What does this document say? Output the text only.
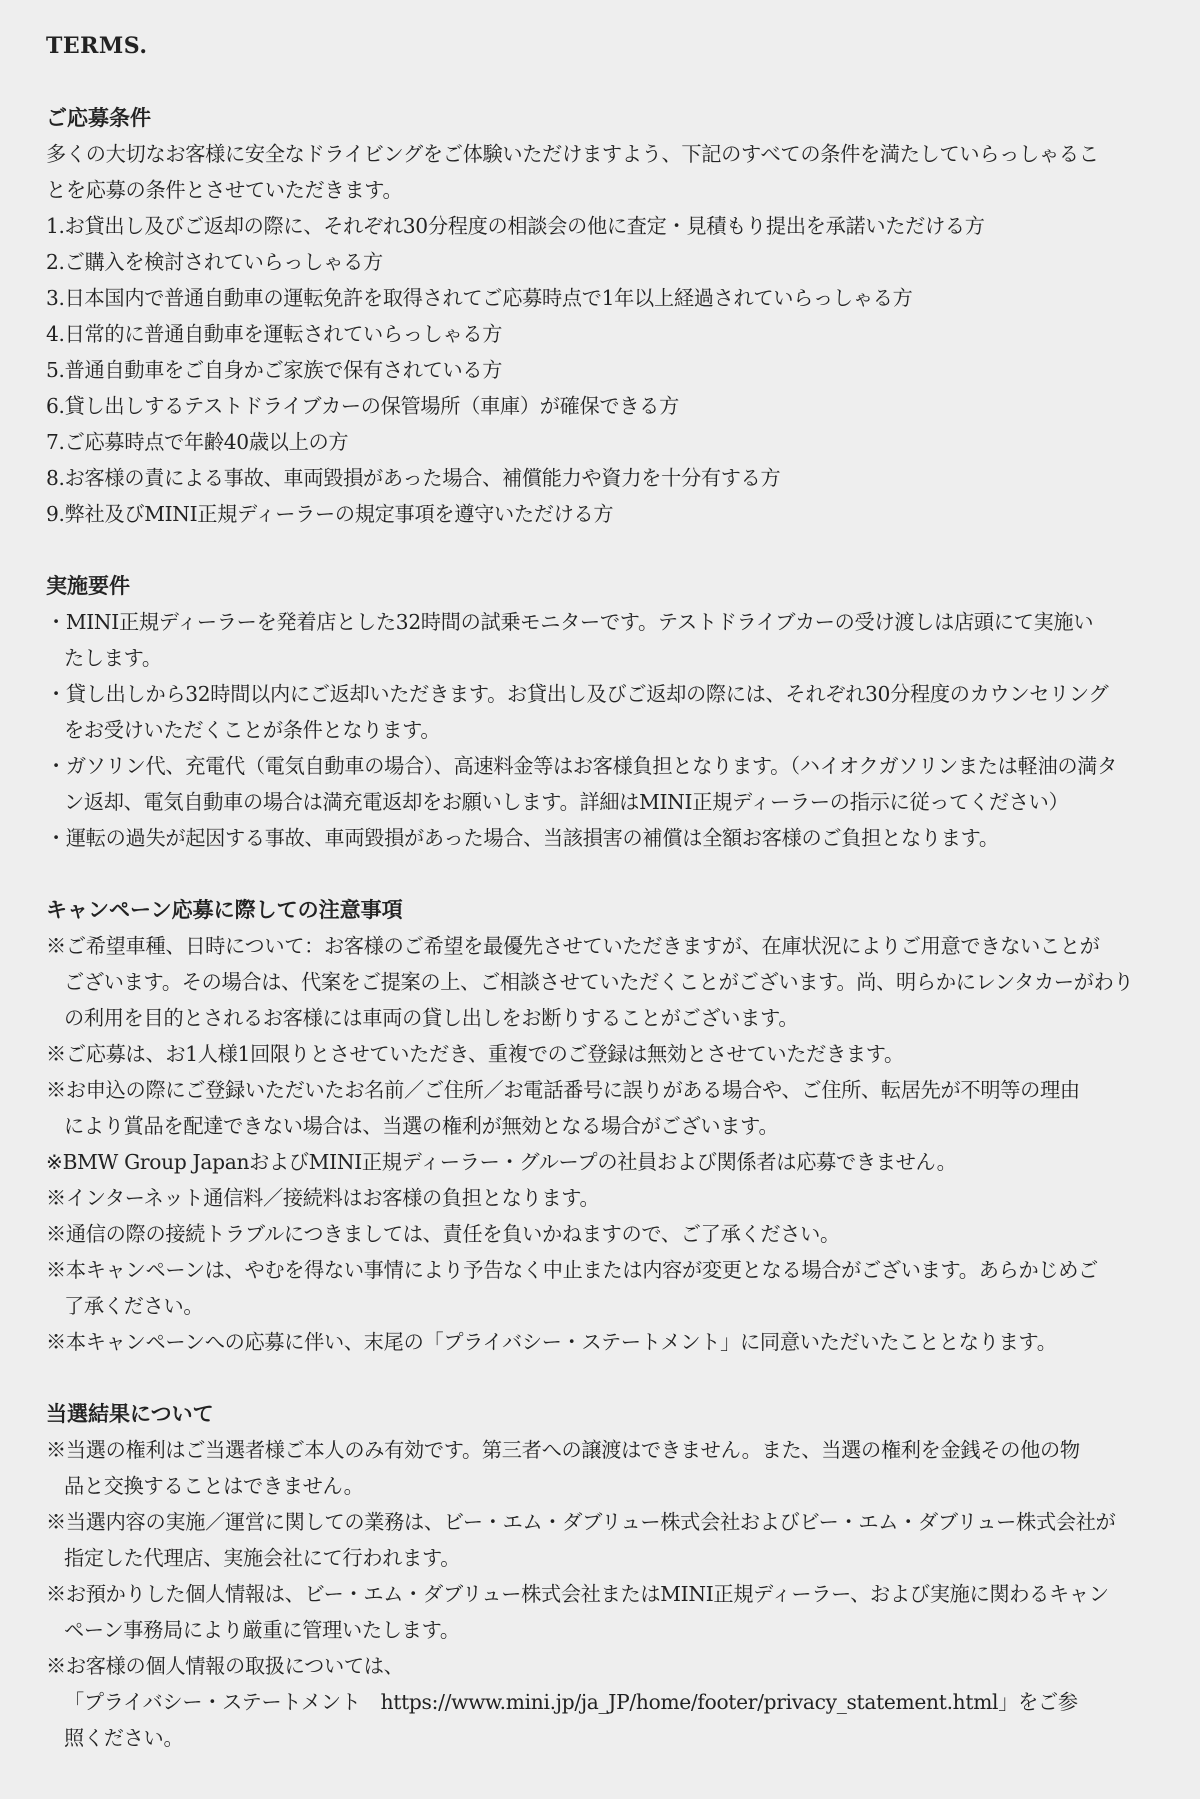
TERMS.
ご応募条件

多くの大切なお客様に安全なドライビングをご体験いただけますよう、下記のすべての条件を満たしていらっしゃるこ

とを応募の条件とさせていただきます。

1.お貸出し及びご返却の際に、それぞれ30分程度の相談会の他に査定・見積もり提出を承諾いただける方

2.ご購入を検討されていらっしゃる方

3.日本国内で普通自動車の運転免許を取得されてご応募時点で1年以上経過されていらっしゃる方

4.日常的に普通自動車を運転されていらっしゃる方

5.普通自動車をご自身かご家族で保有されている方

6.貸し出しするテストドライブカーの保管場所（車庫）が確保できる方

7.ご応募時点で年齢40歳以上の方

8.お客様の責による事故、車両毀損があった場合、補償能力や資力を十分有する方

9.弊社及びMINI正規ディーラーの規定事項を遵守いただける方

実施要件

・MINI正規ディーラーを発着店とした32時間の試乗モニターです。テストドライブカーの受け渡しは店頭にて実施い

たします。

・貸し出しから32時間以内にご返却いただきます。お貸出し及びご返却の際には、それぞれ30分程度のカウンセリング

をお受けいただくことが条件となります。

・ガソリン代、充電代（電気自動車の場合）、高速料金等はお客様負担となります。（ハイオクガソリンまたは軽油の満タ

ン返却、電気自動車の場合は満充電返却をお願いします。詳細はMINI正規ディーラーの指示に従ってください）

・運転の過失が起因する事故、車両毀損があった場合、当該損害の補償は全額お客様のご負担となります。

キャンペーン応募に際しての注意事項

※ご希望車種、日時について：お客様のご希望を最優先させていただきますが、在庫状況によりご用意できないことが

ございます。その場合は、代案をご提案の上、ご相談させていただくことがございます。尚、明らかにレンタカーがわり

の利用を目的とされるお客様には車両の貸し出しをお断りすることがございます。

※ご応募は、お1人様1回限りとさせていただき、重複でのご登録は無効とさせていただきます。

※お申込の際にご登録いただいたお名前／ご住所／お電話番号に誤りがある場合や、ご住所、転居先が不明等の理由

により賞品を配達できない場合は、当選の権利が無効となる場合がございます。

※BMW Group JapanおよびMINI正規ディーラー・グループの社員および関係者は応募できません。

※インターネット通信料／接続料はお客様の負担となります。

※通信の際の接続トラブルにつきましては、責任を負いかねますので、ご了承ください。

※本キャンペーンは、やむを得ない事情により予告なく中止または内容が変更となる場合がございます。あらかじめご

了承ください。

※本キャンペーンへの応募に伴い、末尾の「プライバシー・ステートメント」に同意いただいたこととなります。

当選結果について

※当選の権利はご当選者様ご本人のみ有効です。第三者への譲渡はできません。また、当選の権利を金銭その他の物

品と交換することはできません。

※当選内容の実施／運営に関しての業務は、ビー・エム・ダブリュー株式会社およびビー・エム・ダブリュー株式会社が

指定した代理店、実施会社にて行われます。

※お預かりした個人情報は、ビー・エム・ダブリュー株式会社またはMINI正規ディーラー、および実施に関わるキャン

ペーン事務局により厳重に管理いたします。

※お客様の個人情報の取扱については、

「プライバシー・ステートメント　https://www.mini.jp/ja_JP/home/footer/privacy_statement.html」をご参

照ください。
